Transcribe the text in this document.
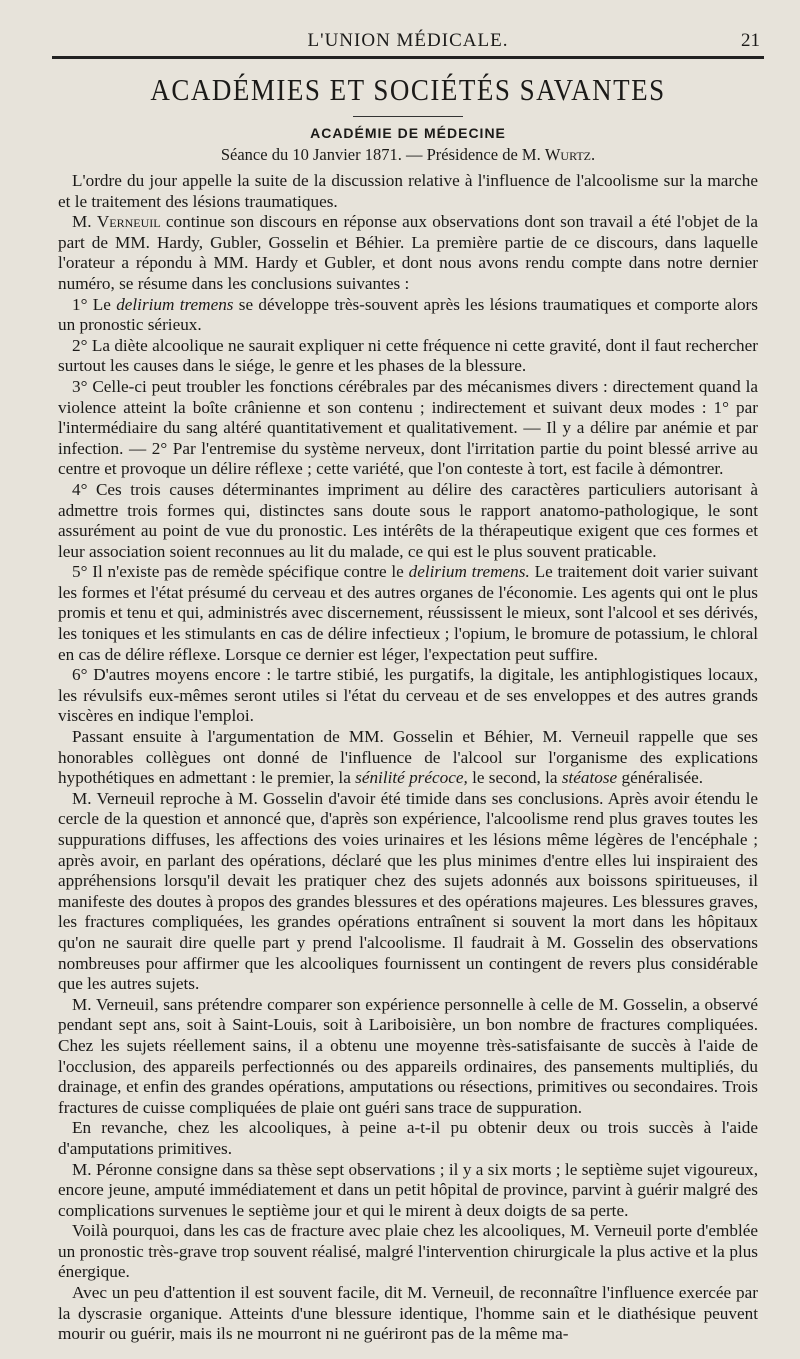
L'UNION MÉDICALE.	21
ACADÉMIES ET SOCIÉTÉS SAVANTES
ACADÉMIE DE MÉDECINE
Séance du 10 Janvier 1871. — Présidence de M. Wurtz.

L'ordre du jour appelle la suite de la discussion relative à l'influence de l'alcoolisme sur la marche et le traitement des lésions traumatiques.

M. Verneuil continue son discours en réponse aux observations dont son travail a été l'objet de la part de MM. Hardy, Gubler, Gosselin et Béhier. La première partie de ce discours, dans laquelle l'orateur a répondu à MM. Hardy et Gubler, et dont nous avons rendu compte dans notre dernier numéro, se résume dans les conclusions suivantes :

1° Le delirium tremens se développe très-souvent après les lésions traumatiques et comporte alors un pronostic sérieux.

2° La diète alcoolique ne saurait expliquer ni cette fréquence ni cette gravité, dont il faut rechercher surtout les causes dans le siége, le genre et les phases de la blessure.

3° Celle-ci peut troubler les fonctions cérébrales par des mécanismes divers : directement quand la violence atteint la boîte crânienne et son contenu ; indirectement et suivant deux modes : 1° par l'intermédiaire du sang altéré quantitativement et qualitativement. — Il y a délire par anémie et par infection. — 2° Par l'entremise du système nerveux, dont l'irritation partie du point blessé arrive au centre et provoque un délire réflexe ; cette variété, que l'on conteste à tort, est facile à démontrer.

4° Ces trois causes déterminantes impriment au délire des caractères particuliers autorisant à admettre trois formes qui, distinctes sans doute sous le rapport anatomo-pathologique, le sont assurément au point de vue du pronostic. Les intérêts de la thérapeutique exigent que ces formes et leur association soient reconnues au lit du malade, ce qui est le plus souvent praticable.

5° Il n'existe pas de remède spécifique contre le delirium tremens. Le traitement doit varier suivant les formes et l'état présumé du cerveau et des autres organes de l'économie. Les agents qui ont le plus promis et tenu et qui, administrés avec discernement, réussissent le mieux, sont l'alcool et ses dérivés, les toniques et les stimulants en cas de délire infectieux ; l'opium, le bromure de potassium, le chloral en cas de délire réflexe. Lorsque ce dernier est léger, l'expectation peut suffire.

6° D'autres moyens encore : le tartre stibié, les purgatifs, la digitale, les antiphlogistiques locaux, les révulsifs eux-mêmes seront utiles si l'état du cerveau et de ses enveloppes et des autres grands viscères en indique l'emploi.

Passant ensuite à l'argumentation de MM. Gosselin et Béhier, M. Verneuil rappelle que ses honorables collègues ont donné de l'influence de l'alcool sur l'organisme des explications hypothétiques en admettant : le premier, la sénilité précoce, le second, la stéatose généralisée.

M. Verneuil reproche à M. Gosselin d'avoir été timide dans ses conclusions. Après avoir étendu le cercle de la question et annoncé que, d'après son expérience, l'alcoolisme rend plus graves toutes les suppurations diffuses, les affections des voies urinaires et les lésions même légères de l'encéphale ; après avoir, en parlant des opérations, déclaré que les plus minimes d'entre elles lui inspiraient des appréhensions lorsqu'il devait les pratiquer chez des sujets adonnés aux boissons spiritueuses, il manifeste des doutes à propos des grandes blessures et des opérations majeures. Les blessures graves, les fractures compliquées, les grandes opérations entraînent si souvent la mort dans les hôpitaux qu'on ne saurait dire quelle part y prend l'alcoolisme. Il faudrait à M. Gosselin des observations nombreuses pour affirmer que les alcooliques fournissent un contingent de revers plus considérable que les autres sujets.

M. Verneuil, sans prétendre comparer son expérience personnelle à celle de M. Gosselin, a observé pendant sept ans, soit à Saint-Louis, soit à Lariboisière, un bon nombre de fractures compliquées. Chez les sujets réellement sains, il a obtenu une moyenne très-satisfaisante de succès à l'aide de l'occlusion, des appareils perfectionnés ou des appareils ordinaires, des pansements multipliés, du drainage, et enfin des grandes opérations, amputations ou résections, primitives ou secondaires. Trois fractures de cuisse compliquées de plaie ont guéri sans trace de suppuration.

En revanche, chez les alcooliques, à peine a-t-il pu obtenir deux ou trois succès à l'aide d'amputations primitives.

M. Péronne consigne dans sa thèse sept observations ; il y a six morts ; le septième sujet vigoureux, encore jeune, amputé immédiatement et dans un petit hôpital de province, parvint à guérir malgré des complications survenues le septième jour et qui le mirent à deux doigts de sa perte.

Voilà pourquoi, dans les cas de fracture avec plaie chez les alcooliques, M. Verneuil porte d'emblée un pronostic très-grave trop souvent réalisé, malgré l'intervention chirurgicale la plus active et la plus énergique.

Avec un peu d'attention il est souvent facile, dit M. Verneuil, de reconnaître l'influence exercée par la dyscrasie organique. Atteints d'une blessure identique, l'homme sain et le diathésique peuvent mourir ou guérir, mais ils ne mourront ni ne guériront pas de la même ma-
